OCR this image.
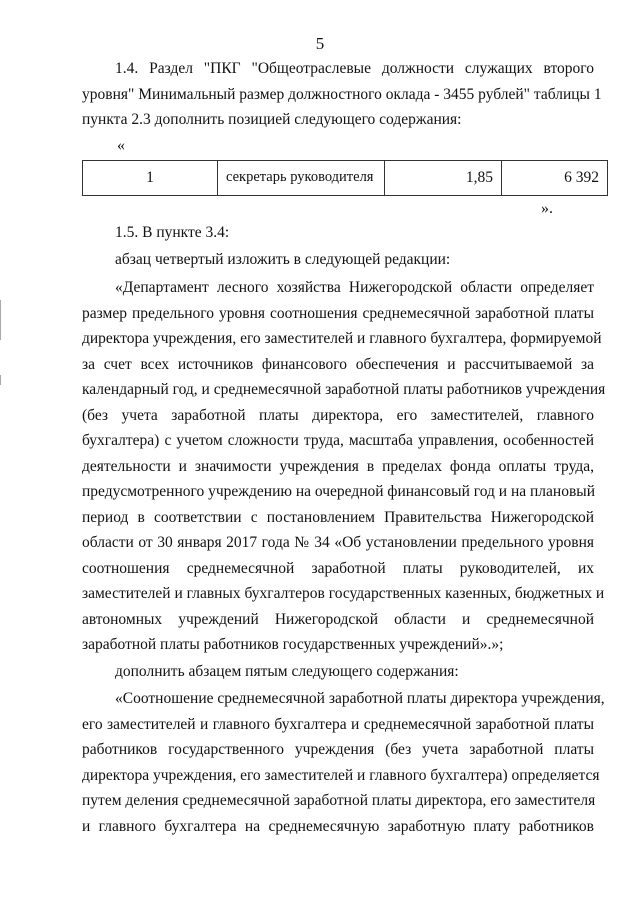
5
1.4. Раздел "ПКГ "Общеотраслевые должности служащих второго
уровня" Минимальный размер должностного оклада - 3455 рублей" таблицы 1
пункта 2.3 дополнить позицией следующего содержания:
«
1	секретарь руководителя	1,85	6 392
».
1.5. В пункте 3.4:
абзац четвертый изложить в следующей редакции:
«Департамент лесного хозяйства Нижегородской области определяет
размер предельного уровня соотношения среднемесячной заработной платы
директора учреждения, его заместителей и главного бухгалтера, формируемой
за счет всех источников финансового обеспечения и рассчитываемой за
календарный год, и среднемесячной заработной платы работников учреждения
(без учета заработной платы директора, его заместителей, главного
бухгалтера) с учетом сложности труда, масштаба управления, особенностей
деятельности и значимости учреждения в пределах фонда оплаты труда,
предусмотренного учреждению на очередной финансовый год и на плановый
период в соответствии с постановлением Правительства Нижегородской
области от 30 января 2017 года № 34 «Об установлении предельного уровня
соотношения среднемесячной заработной платы руководителей, их
заместителей и главных бухгалтеров государственных казенных, бюджетных и
автономных учреждений Нижегородской области и среднемесячной
заработной платы работников государственных учреждений».»;
дополнить абзацем пятым следующего содержания:
«Соотношение среднемесячной заработной платы директора учреждения,
его заместителей и главного бухгалтера и среднемесячной заработной платы
работников государственного учреждения (без учета заработной платы
директора учреждения, его заместителей и главного бухгалтера) определяется
путем деления среднемесячной заработной платы директора, его заместителя
и главного бухгалтера на среднемесячную заработную плату работников
